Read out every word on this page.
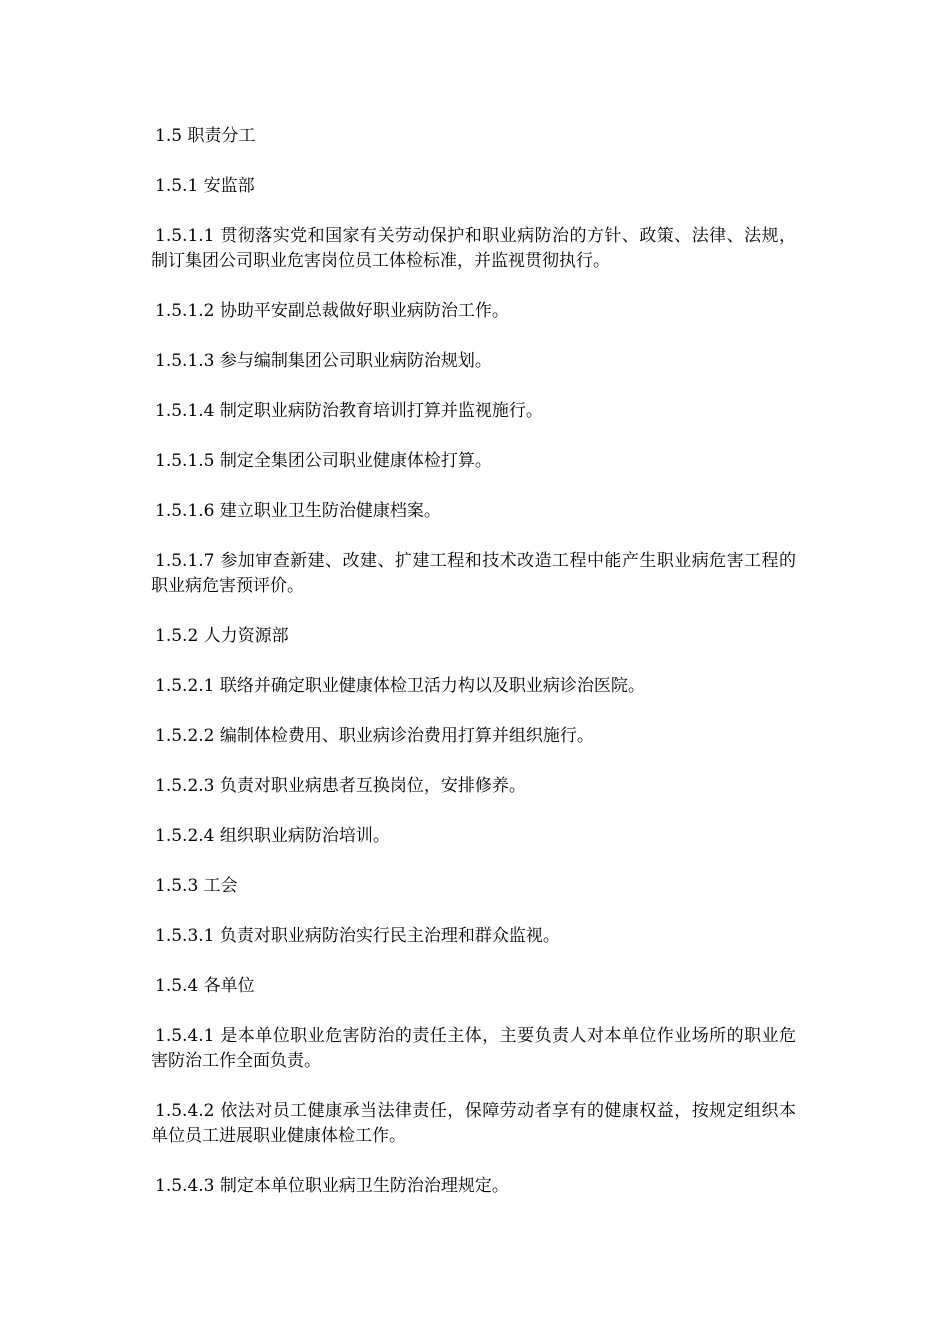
1.5 职责分工

1.5.1 安监部

1.5.1.1 贯彻落实党和国家有关劳动保护和职业病防治的方针、政策、法律、法规，制订集团公司职业危害岗位员工体检标准，并监视贯彻执行。

1.5.1.2 协助平安副总裁做好职业病防治工作。

1.5.1.3 参与编制集团公司职业病防治规划。

1.5.1.4 制定职业病防治教育培训打算并监视施行。

1.5.1.5 制定全集团公司职业健康体检打算。

1.5.1.6 建立职业卫生防治健康档案。

1.5.1.7 参加审查新建、改建、扩建工程和技术改造工程中能产生职业病危害工程的职业病危害预评价。

1.5.2 人力资源部

1.5.2.1 联络并确定职业健康体检卫活力构以及职业病诊治医院。

1.5.2.2 编制体检费用、职业病诊治费用打算并组织施行。

1.5.2.3 负责对职业病患者互换岗位，安排修养。

1.5.2.4 组织职业病防治培训。

1.5.3 工会

1.5.3.1 负责对职业病防治实行民主治理和群众监视。

1.5.4 各单位

1.5.4.1 是本单位职业危害防治的责任主体，主要负责人对本单位作业场所的职业危害防治工作全面负责。

1.5.4.2 依法对员工健康承当法律责任，保障劳动者享有的健康权益，按规定组织本单位员工进展职业健康体检工作。

1.5.4.3 制定本单位职业病卫生防治治理规定。
